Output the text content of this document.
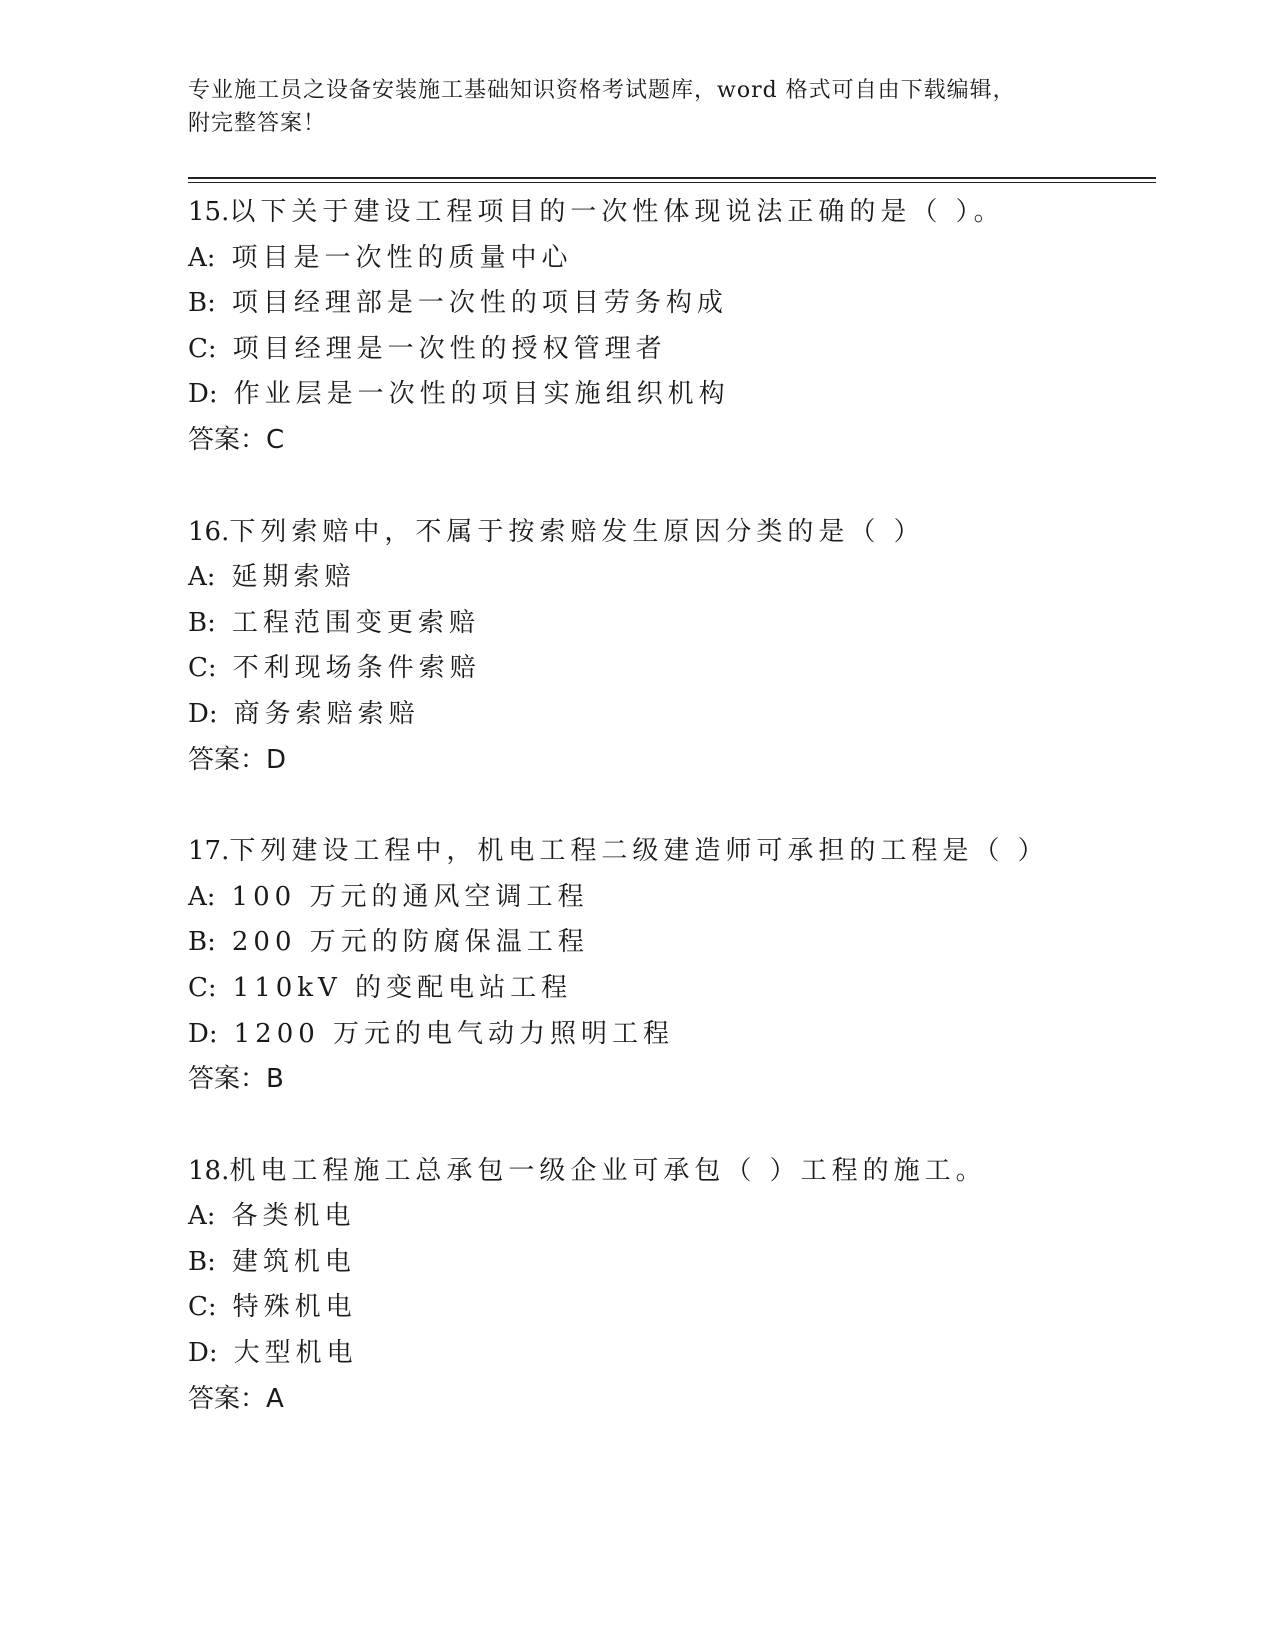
专业施工员之设备安装施工基础知识资格考试题库，word 格式可自由下载编辑，
附完整答案！
15.以下关于建设工程项目的一次性体现说法正确的是（ ）。
A: 项目是一次性的质量中心
B: 项目经理部是一次性的项目劳务构成
C: 项目经理是一次性的授权管理者
D: 作业层是一次性的项目实施组织机构
答案：C
16.下列索赔中，不属于按索赔发生原因分类的是（ ）
A: 延期索赔
B: 工程范围变更索赔
C: 不利现场条件索赔
D: 商务索赔索赔
答案：D
17.下列建设工程中，机电工程二级建造师可承担的工程是（ ）
A: 100 万元的通风空调工程
B: 200 万元的防腐保温工程
C: 110kV 的变配电站工程
D: 1200 万元的电气动力照明工程
答案：B
18.机电工程施工总承包一级企业可承包（ ）工程的施工。
A: 各类机电
B: 建筑机电
C: 特殊机电
D: 大型机电
答案：A
